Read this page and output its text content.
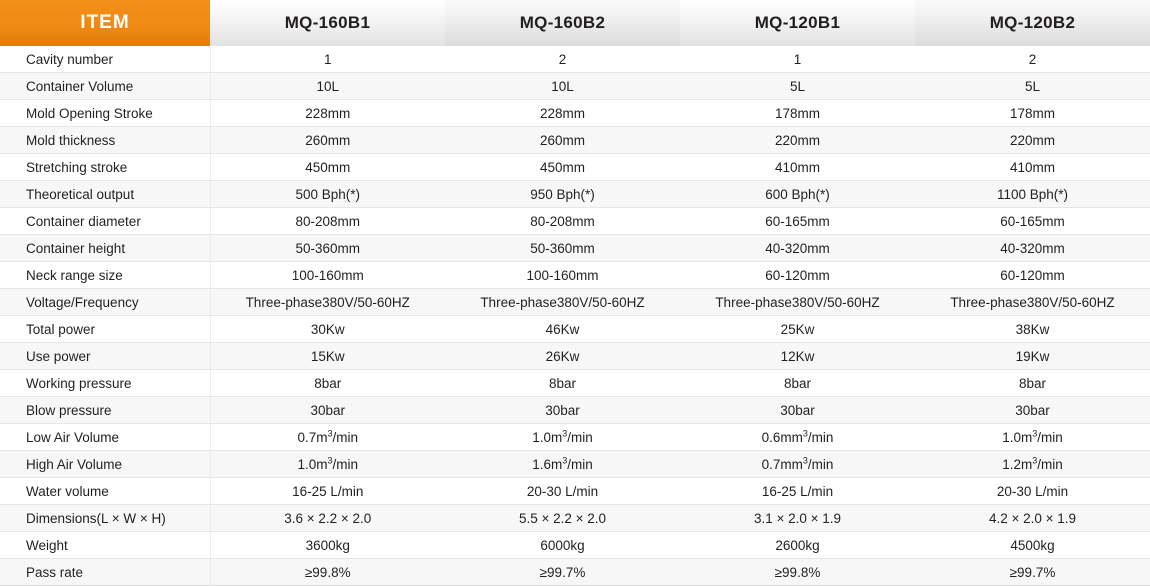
ITEM	MQ-160B1	MQ-160B2	MQ-120B1	MQ-120B2
Cavity number	1	2	1	2
Container Volume	10L	10L	5L	5L
Mold Opening Stroke	228mm	228mm	178mm	178mm
Mold thickness	260mm	260mm	220mm	220mm
Stretching stroke	450mm	450mm	410mm	410mm
Theoretical output	500 Bph(*)	950 Bph(*)	600 Bph(*)	1100 Bph(*)
Container diameter	80-208mm	80-208mm	60-165mm	60-165mm
Container height	50-360mm	50-360mm	40-320mm	40-320mm
Neck range size	100-160mm	100-160mm	60-120mm	60-120mm
Voltage/Frequency	Three-phase380V/50-60HZ	Three-phase380V/50-60HZ	Three-phase380V/50-60HZ	Three-phase380V/50-60HZ
Total power	30Kw	46Kw	25Kw	38Kw
Use power	15Kw	26Kw	12Kw	19Kw
Working pressure	8bar	8bar	8bar	8bar
Blow pressure	30bar	30bar	30bar	30bar
Low Air Volume	$0.7m^3/\min$	$1.0m^3/\min$	$0.6mm^3/\min$	$1.0m^3/\min$
High Air Volume	$1.0m^3/\min$	$1.6m^3/\min$	$0.7mm^3/\min$	$1.2m^3/\min$
Water volume	16-25 L/min	20-30 L/min	16-25 L/min	20-30 L/min
Dimensions(L × W × H)	3.6 × 2.2 × 2.0	5.5 × 2.2 × 2.0	3.1 × 2.0 × 1.9	4.2 × 2.0 × 1.9
Weight	3600kg	6000kg	2600kg	4500kg
Pass rate	≥99.8%	≥99.7%	≥99.8%	≥99.7%
